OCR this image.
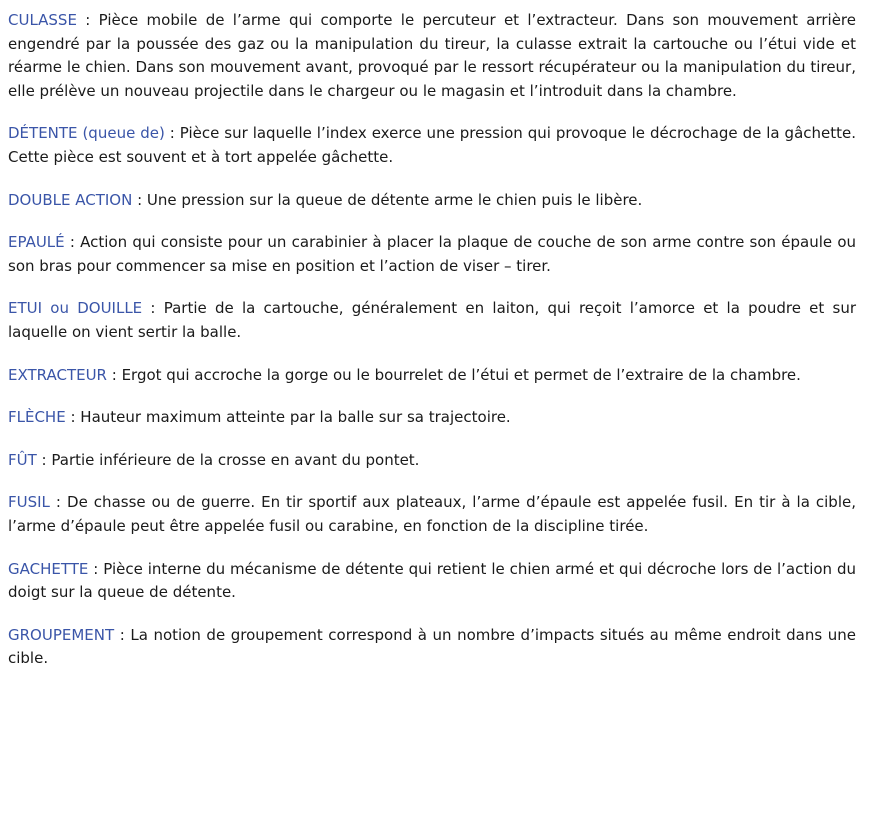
CULASSE : Pièce mobile de l’arme qui comporte le percuteur et l’extracteur. Dans son mouvement arrière engendré par la poussée des gaz ou la manipulation du tireur, la culasse extrait la cartouche ou l’étui vide et réarme le chien. Dans son mouvement avant, provoqué par le ressort récupérateur ou la manipulation du tireur, elle prélève un nouveau projectile dans le chargeur ou le magasin et l’introduit dans la chambre.

DÉTENTE (queue de) : Pièce sur laquelle l’index exerce une pression qui provoque le décrochage de la gâchette. Cette pièce est souvent et à tort appelée gâchette.

DOUBLE ACTION : Une pression sur la queue de détente arme le chien puis le libère.

EPAULÉ : Action qui consiste pour un carabinier à placer la plaque de couche de son arme contre son épaule ou son bras pour commencer sa mise en position et l’action de viser – tirer.

ETUI ou DOUILLE : Partie de la cartouche, généralement en laiton, qui reçoit l’amorce et la poudre et sur laquelle on vient sertir la balle.

EXTRACTEUR : Ergot qui accroche la gorge ou le bourrelet de l’étui et permet de l’extraire de la chambre.

FLÈCHE : Hauteur maximum atteinte par la balle sur sa trajectoire.

FÛT : Partie inférieure de la crosse en avant du pontet.

FUSIL : De chasse ou de guerre. En tir sportif aux plateaux, l’arme d’épaule est appelée fusil. En tir à la cible, l’arme d’épaule peut être appelée fusil ou carabine, en fonction de la discipline tirée.

GACHETTE : Pièce interne du mécanisme de détente qui retient le chien armé et qui décroche lors de l’action du doigt sur la queue de détente.

GROUPEMENT : La notion de groupement correspond à un nombre d’impacts situés au même endroit dans une cible.
